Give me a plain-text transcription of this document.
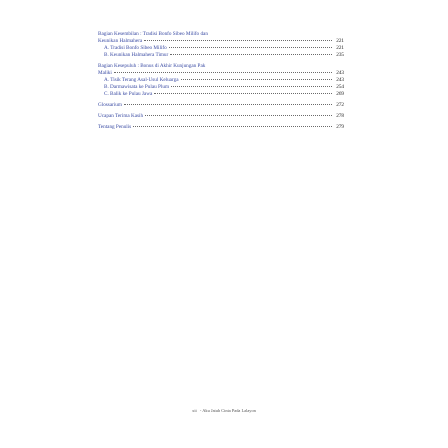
Bagian Kesembilan : Tradisi Bonfo Sibeo Milifo dan
Keunikan Halmahera	221
A. Tradisi Bonfo Sibeo Milifo	221
B. Keunikan Halmahera Timur	235
Bagian Kesepuluh : Bonus di Akhir Kunjungan Pak
Maliki	243
A. Tisik Terang Asal-Usul Keluarga	243
B. Darmawisata ke Pulau Plum	254
C. Balik ke Pulau Jawa	269
Glossarium	272
Ucapan Terima Kasih	278
Tentang Penulis	279
xii - Aku Jatuh Cinta Pada Lalayon
